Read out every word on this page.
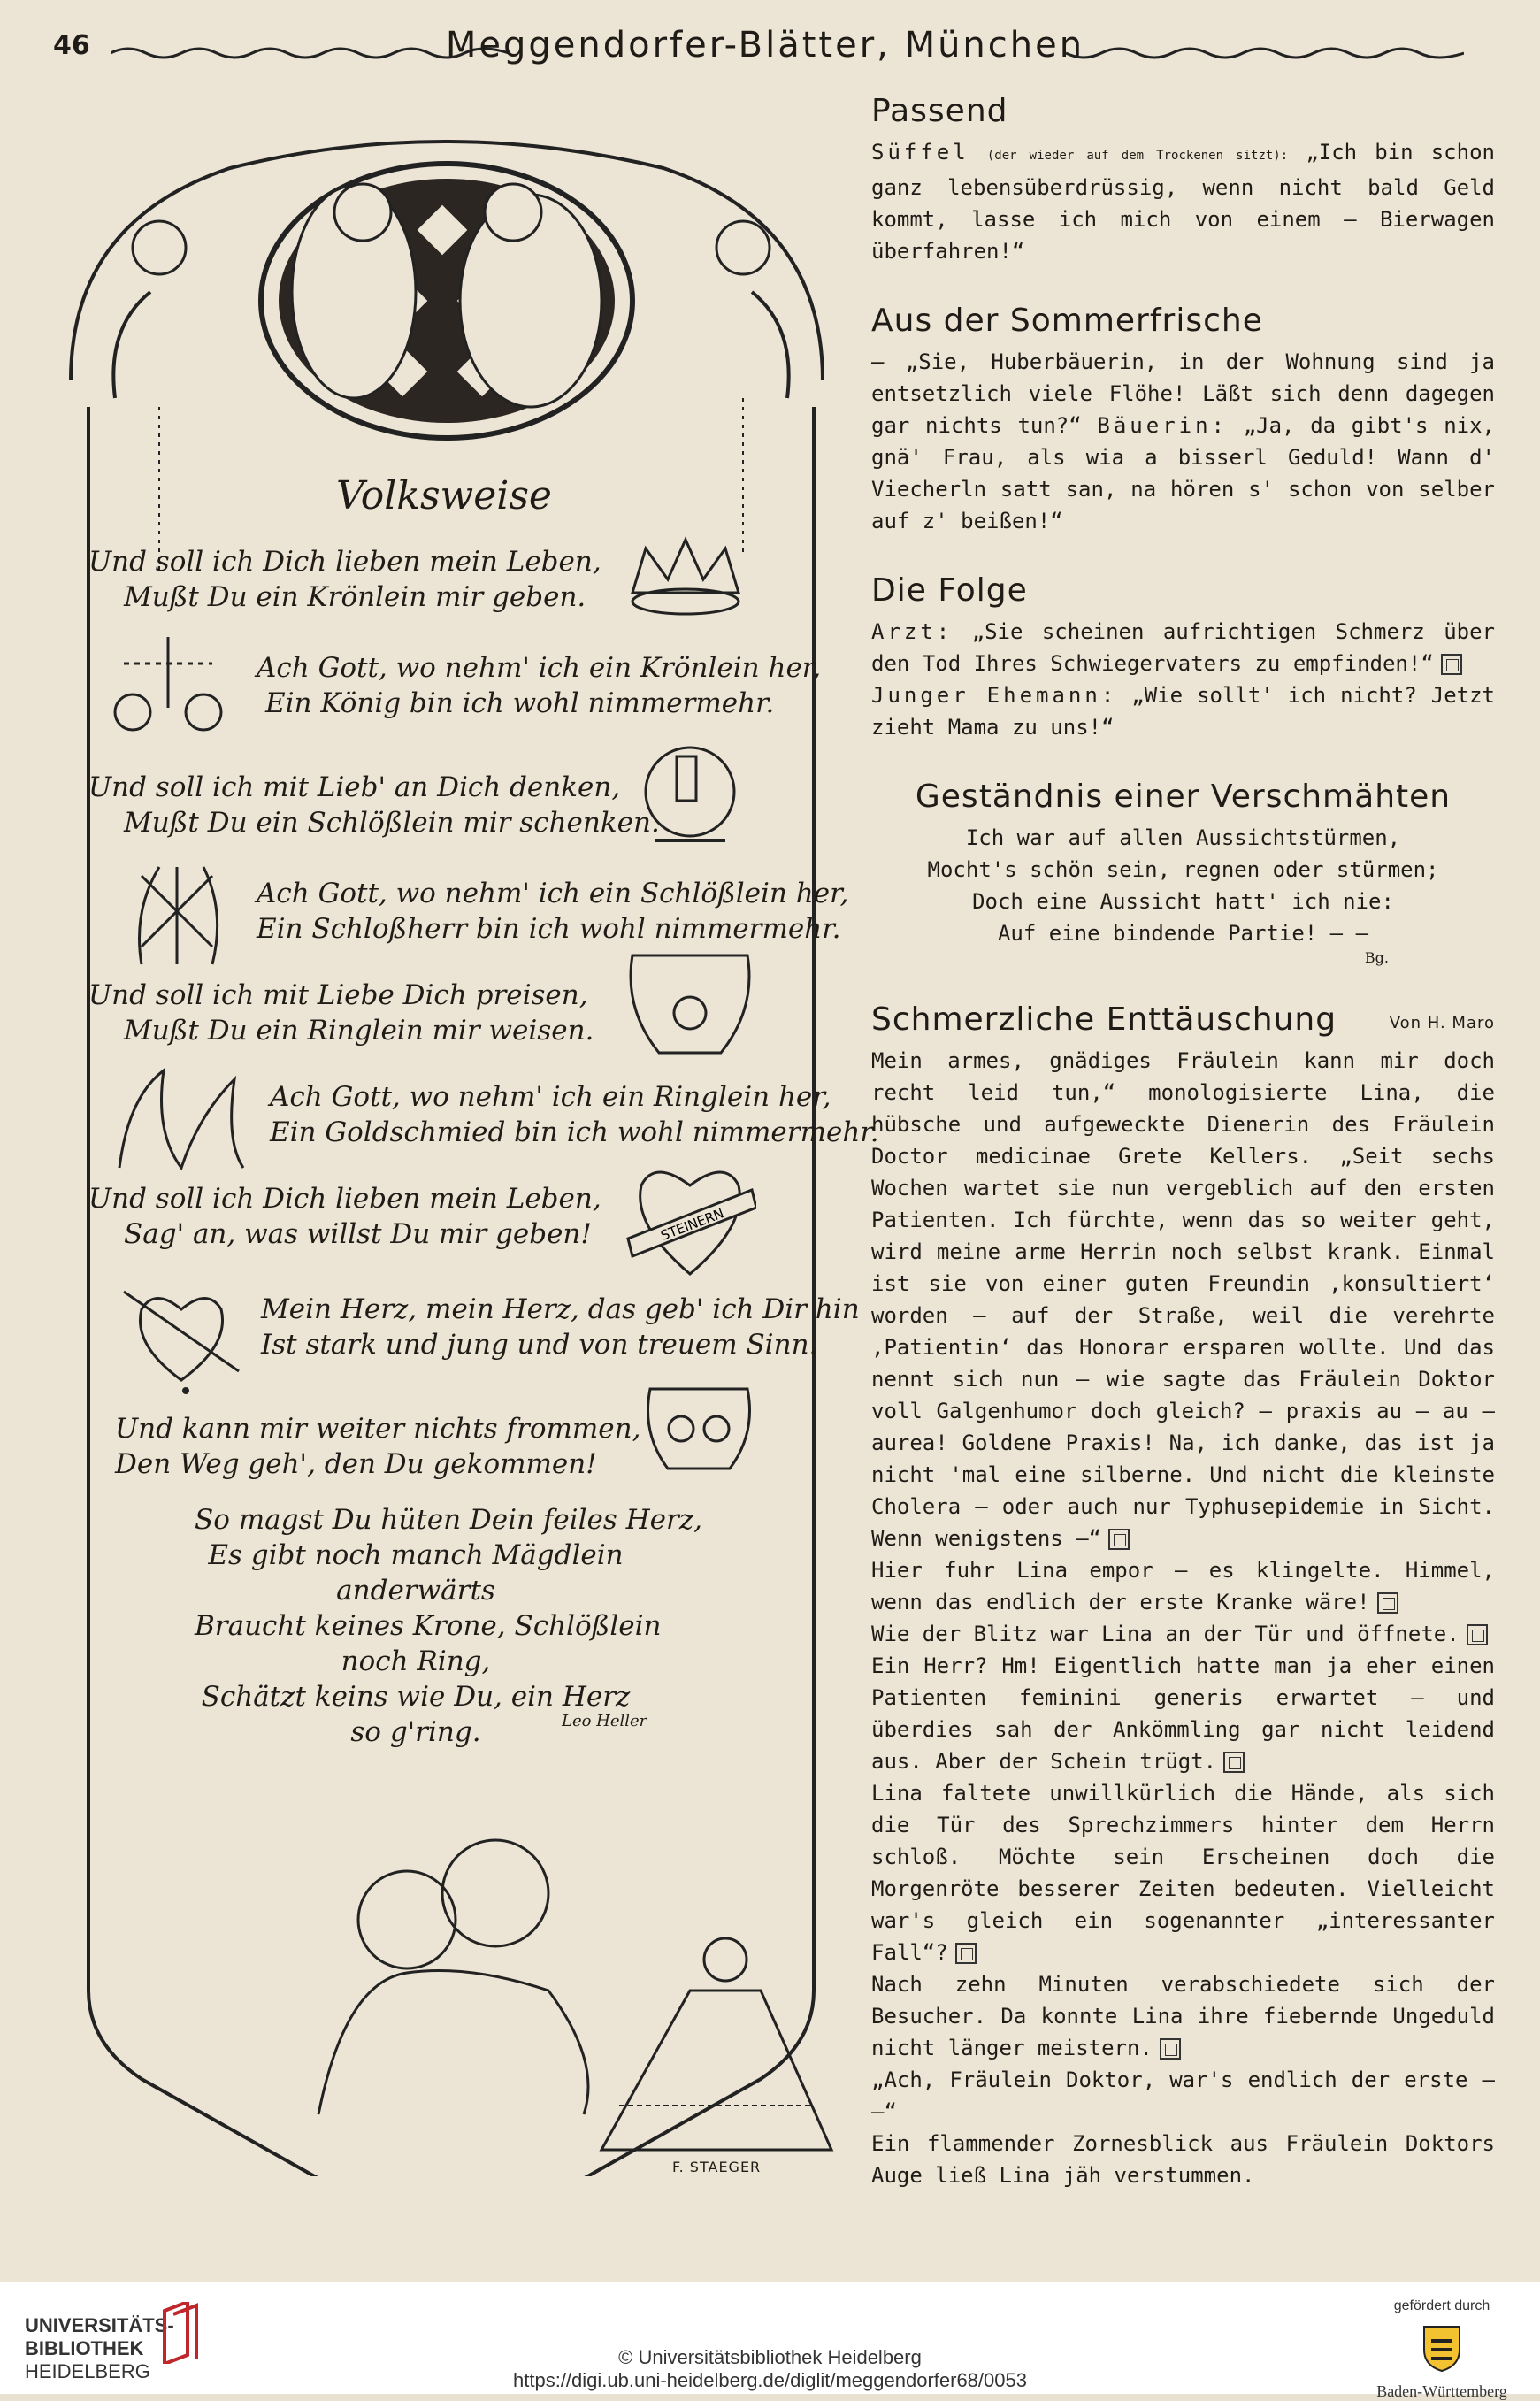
46	Meggendorfer-Blätter, München
Volksweise
Und soll ich Dich lieben mein Leben,
Mußt Du ein Krönlein mir geben.
Ach Gott, wo nehm' ich ein Krönlein her,
Ein König bin ich wohl nimmermehr.
Und soll ich mit Lieb' an Dich denken,
Mußt Du ein Schlößlein mir schenken.
Ach Gott, wo nehm' ich ein Schlößlein her,
Ein Schloßherr bin ich wohl nimmermehr.
Und soll ich mit Liebe Dich preisen,
Mußt Du ein Ringlein mir weisen.
Ach Gott, wo nehm' ich ein Ringlein her,
Ein Goldschmied bin ich wohl nimmermehr.
Und soll ich Dich lieben mein Leben,
Sag' an, was willst Du mir geben!	STEINERN
Mein Herz, mein Herz, das geb' ich Dir hin
Ist stark und jung und von treuem Sinn.
Und kann mir weiter nichts frommen,
Den Weg geh', den Du gekommen!
So magst Du hüten Dein feiles Herz,
Es gibt noch manch Mägdlein
anderwärts
Braucht keines Krone, Schlößlein
noch Ring,
Schätzt keins wie Du, ein Herz
so g'ring.	Leo Heller
F. STAEGER
Passend

Süffel (der wieder auf dem Trockenen sitzt): „Ich bin schon ganz lebensüberdrüssig, wenn nicht bald Geld kommt, lasse ich mich von einem — Bierwagen überfahren!“

Aus der Sommerfrische

— „Sie, Huberbäuerin, in der Wohnung sind ja entsetzlich viele Flöhe! Läßt sich denn dagegen gar nichts tun?“ Bäuerin: „Ja, da gibt's nix, gnä' Frau, als wia a bisserl Geduld! Wann d' Viecherln satt san, na hören s' schon von selber auf z' beißen!“

Die Folge

Arzt: „Sie scheinen aufrichtigen Schmerz über den Tod Ihres Schwiegervaters zu empfinden!“
Junger Ehemann: „Wie sollt' ich nicht? Jetzt zieht Mama zu uns!“

Geständnis einer Verschmähten
Ich war auf allen Aussichtstürmen,
Mocht's schön sein, regnen oder stürmen;
Doch eine Aussicht hatt' ich nie:
Auf eine bindende Partie! — —
Bg.
Schmerzliche Enttäuschung	Von H. Maro

Mein armes, gnädiges Fräulein kann mir doch recht leid tun,“ monologisierte Lina, die hübsche und aufgeweckte Dienerin des Fräulein Doctor medicinae Grete Kellers. „Seit sechs Wochen wartet sie nun vergeblich auf den ersten Patienten. Ich fürchte, wenn das so weiter geht, wird meine arme Herrin noch selbst krank. Einmal ist sie von einer guten Freundin ‚konsultiert‘ worden — auf der Straße, weil die verehrte ‚Patientin‘ das Honorar ersparen wollte. Und das nennt sich nun — wie sagte das Fräulein Doktor voll Galgenhumor doch gleich? — praxis au — au — aurea! Goldene Praxis! Na, ich danke, das ist ja nicht 'mal eine silberne. Und nicht die kleinste Cholera — oder auch nur Typhusepidemie in Sicht. Wenn wenigstens —“

Hier fuhr Lina empor — es klingelte. Himmel, wenn das endlich der erste Kranke wäre!

Wie der Blitz war Lina an der Tür und öffnete.

Ein Herr? Hm! Eigentlich hatte man ja eher einen Patienten feminini generis erwartet — und überdies sah der Ankömmling gar nicht leidend aus. Aber der Schein trügt.

Lina faltete unwillkürlich die Hände, als sich die Tür des Sprechzimmers hinter dem Herrn schloß. Möchte sein Erscheinen doch die Morgenröte besserer Zeiten bedeuten. Vielleicht war's gleich ein sogenannter „interessanter Fall“?

Nach zehn Minuten verabschiedete sich der Besucher. Da konnte Lina ihre fiebernde Ungeduld nicht länger meistern.

„Ach, Fräulein Doktor, war's endlich der erste — —“

Ein flammender Zornesblick aus Fräulein Doktors Auge ließ Lina jäh verstummen.

UNIVERSITÄTS-
BIBLIOTHEK
HEIDELBERG
© Universitätsbibliothek Heidelberg
https://digi.ub.uni-heidelberg.de/diglit/meggendorfer68/0053
gefördert durch
Baden-Württemberg
